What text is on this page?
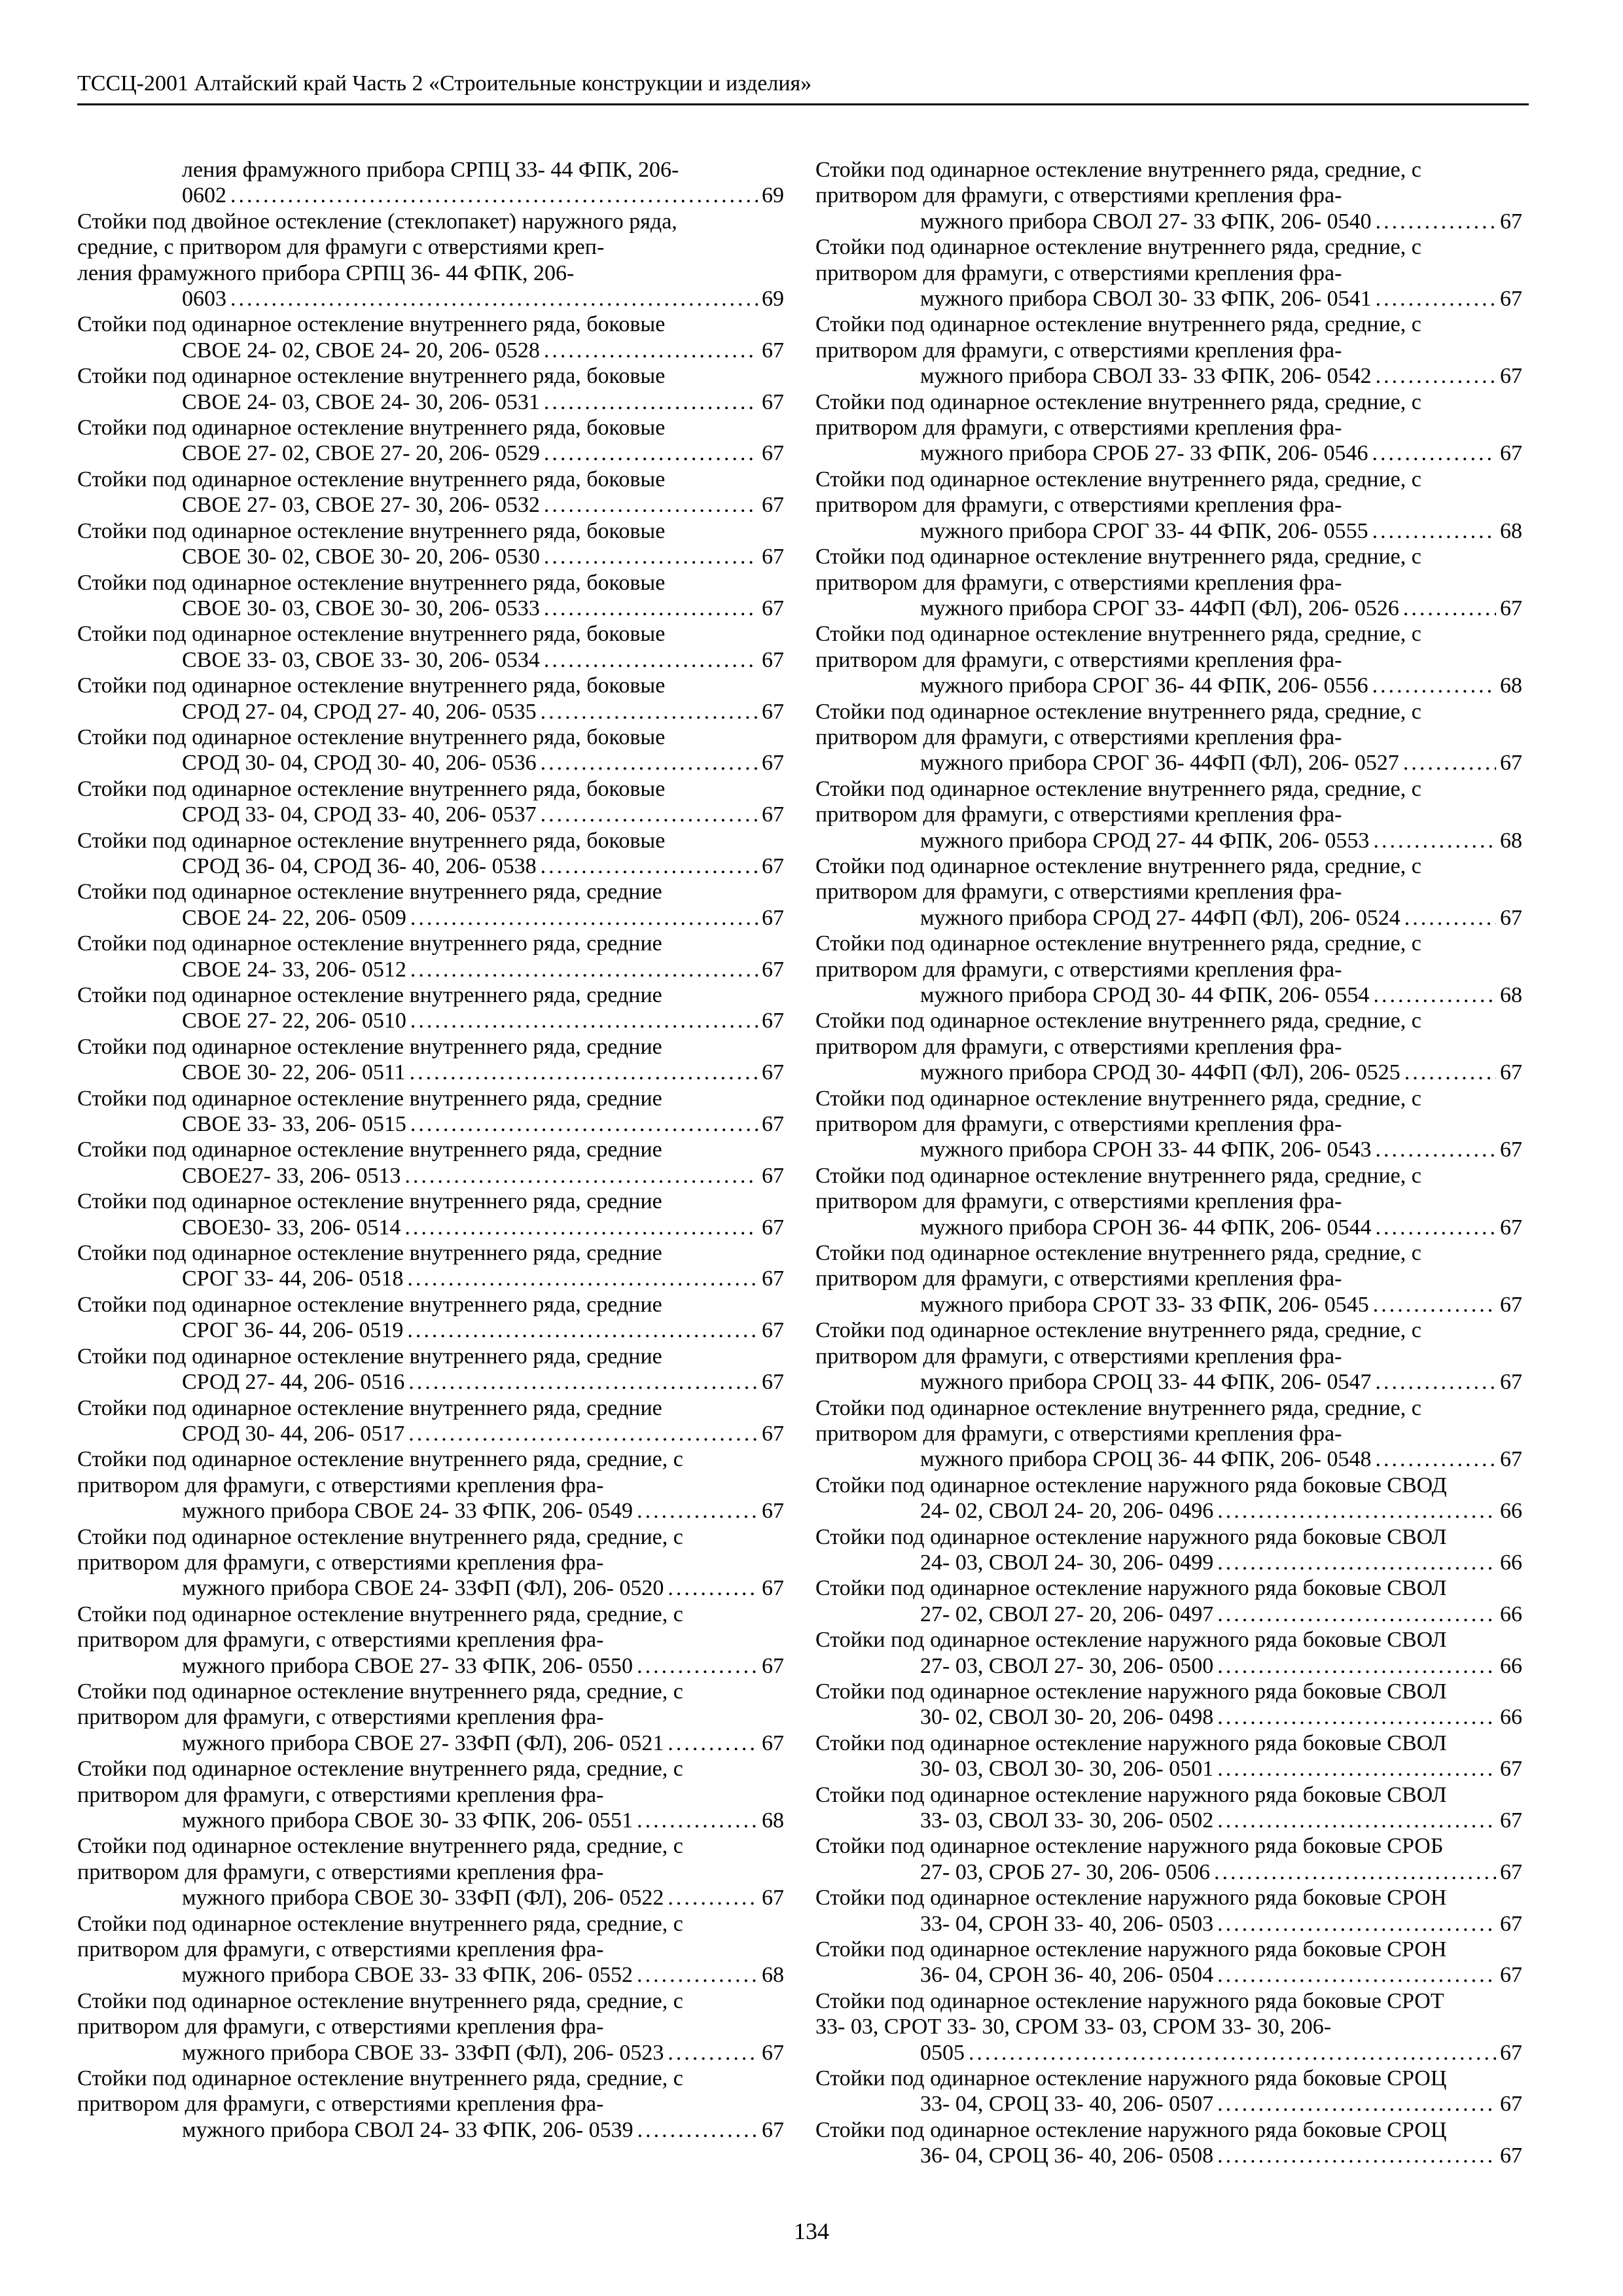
ТССЦ-2001 Алтайский край Часть 2 «Строительные конструкции и изделия»
ления фрамужного прибора СРПЦ 33- 44 ФПК, 206-
0602 .....	69
Стойки под двойное остекление (стеклопакет) наружного ряда,
средние, с притвором для фрамуги с отверстиями креп-
ления фрамужного прибора СРПЦ 36- 44 ФПК, 206-
0603 .....	69
Стойки под одинарное остекление внутреннего ряда, боковые
СВОЕ 24- 02, СВОЕ 24- 20, 206- 0528 .....	67
Стойки под одинарное остекление внутреннего ряда, боковые
СВОЕ 24- 03, СВОЕ 24- 30, 206- 0531 .....	67
Стойки под одинарное остекление внутреннего ряда, боковые
СВОЕ 27- 02, СВОЕ 27- 20, 206- 0529 .....	67
Стойки под одинарное остекление внутреннего ряда, боковые
СВОЕ 27- 03, СВОЕ 27- 30, 206- 0532 .....	67
Стойки под одинарное остекление внутреннего ряда, боковые
СВОЕ 30- 02, СВОЕ 30- 20, 206- 0530 .....	67
Стойки под одинарное остекление внутреннего ряда, боковые
СВОЕ 30- 03, СВОЕ 30- 30, 206- 0533 .....	67
Стойки под одинарное остекление внутреннего ряда, боковые
СВОЕ 33- 03, СВОЕ 33- 30, 206- 0534 .....	67
Стойки под одинарное остекление внутреннего ряда, боковые
СРОД 27- 04, СРОД 27- 40, 206- 0535 .....	67
Стойки под одинарное остекление внутреннего ряда, боковые
СРОД 30- 04, СРОД 30- 40, 206- 0536 .....	67
Стойки под одинарное остекление внутреннего ряда, боковые
СРОД 33- 04, СРОД 33- 40, 206- 0537 .....	67
Стойки под одинарное остекление внутреннего ряда, боковые
СРОД 36- 04, СРОД 36- 40, 206- 0538 .....	67
Стойки под одинарное остекление внутреннего ряда, средние
СВОЕ 24- 22, 206- 0509 .....	67
Стойки под одинарное остекление внутреннего ряда, средние
СВОЕ 24- 33, 206- 0512 .....	67
Стойки под одинарное остекление внутреннего ряда, средние
СВОЕ 27- 22, 206- 0510 .....	67
Стойки под одинарное остекление внутреннего ряда, средние
СВОЕ 30- 22, 206- 0511 .....	67
Стойки под одинарное остекление внутреннего ряда, средние
СВОЕ 33- 33, 206- 0515 .....	67
Стойки под одинарное остекление внутреннего ряда, средние
СВОЕ27- 33, 206- 0513 .....	67
Стойки под одинарное остекление внутреннего ряда, средние
СВОЕ30- 33, 206- 0514 .....	67
Стойки под одинарное остекление внутреннего ряда, средние
СРОГ 33- 44, 206- 0518 .....	67
Стойки под одинарное остекление внутреннего ряда, средние
СРОГ 36- 44, 206- 0519 .....	67
Стойки под одинарное остекление внутреннего ряда, средние
СРОД 27- 44, 206- 0516 .....	67
Стойки под одинарное остекление внутреннего ряда, средние
СРОД 30- 44, 206- 0517 .....	67
Стойки под одинарное остекление внутреннего ряда, средние, с
притвором для фрамуги, с отверстиями крепления фра-
мужного прибора СВОЕ 24- 33 ФПК, 206- 0549 .....	67
Стойки под одинарное остекление внутреннего ряда, средние, с
притвором для фрамуги, с отверстиями крепления фра-
мужного прибора СВОЕ 24- 33ФП (ФЛ), 206- 0520 .....	67
Стойки под одинарное остекление внутреннего ряда, средние, с
притвором для фрамуги, с отверстиями крепления фра-
мужного прибора СВОЕ 27- 33 ФПК, 206- 0550 .....	67
Стойки под одинарное остекление внутреннего ряда, средние, с
притвором для фрамуги, с отверстиями крепления фра-
мужного прибора СВОЕ 27- 33ФП (ФЛ), 206- 0521 .....	67
Стойки под одинарное остекление внутреннего ряда, средние, с
притвором для фрамуги, с отверстиями крепления фра-
мужного прибора СВОЕ 30- 33 ФПК, 206- 0551 .....	68
Стойки под одинарное остекление внутреннего ряда, средние, с
притвором для фрамуги, с отверстиями крепления фра-
мужного прибора СВОЕ 30- 33ФП (ФЛ), 206- 0522 .....	67
Стойки под одинарное остекление внутреннего ряда, средние, с
притвором для фрамуги, с отверстиями крепления фра-
мужного прибора СВОЕ 33- 33 ФПК, 206- 0552 .....	68
Стойки под одинарное остекление внутреннего ряда, средние, с
притвором для фрамуги, с отверстиями крепления фра-
мужного прибора СВОЕ 33- 33ФП (ФЛ), 206- 0523 .....	67
Стойки под одинарное остекление внутреннего ряда, средние, с
притвором для фрамуги, с отверстиями крепления фра-
мужного прибора СВОЛ 24- 33 ФПК, 206- 0539 .....	67
Стойки под одинарное остекление внутреннего ряда, средние, с
притвором для фрамуги, с отверстиями крепления фра-
мужного прибора СВОЛ 27- 33 ФПК, 206- 0540 .....	67
Стойки под одинарное остекление внутреннего ряда, средние, с
притвором для фрамуги, с отверстиями крепления фра-
мужного прибора СВОЛ 30- 33 ФПК, 206- 0541 .....	67
Стойки под одинарное остекление внутреннего ряда, средние, с
притвором для фрамуги, с отверстиями крепления фра-
мужного прибора СВОЛ 33- 33 ФПК, 206- 0542 .....	67
Стойки под одинарное остекление внутреннего ряда, средние, с
притвором для фрамуги, с отверстиями крепления фра-
мужного прибора СРОБ 27- 33 ФПК, 206- 0546 .....	67
Стойки под одинарное остекление внутреннего ряда, средние, с
притвором для фрамуги, с отверстиями крепления фра-
мужного прибора СРОГ 33- 44 ФПК, 206- 0555 .....	68
Стойки под одинарное остекление внутреннего ряда, средние, с
притвором для фрамуги, с отверстиями крепления фра-
мужного прибора СРОГ 33- 44ФП (ФЛ), 206- 0526 .....	67
Стойки под одинарное остекление внутреннего ряда, средние, с
притвором для фрамуги, с отверстиями крепления фра-
мужного прибора СРОГ 36- 44 ФПК, 206- 0556 .....	68
Стойки под одинарное остекление внутреннего ряда, средние, с
притвором для фрамуги, с отверстиями крепления фра-
мужного прибора СРОГ 36- 44ФП (ФЛ), 206- 0527 .....	67
Стойки под одинарное остекление внутреннего ряда, средние, с
притвором для фрамуги, с отверстиями крепления фра-
мужного прибора СРОД 27- 44 ФПК, 206- 0553 .....	68
Стойки под одинарное остекление внутреннего ряда, средние, с
притвором для фрамуги, с отверстиями крепления фра-
мужного прибора СРОД 27- 44ФП (ФЛ), 206- 0524 .....	67
Стойки под одинарное остекление внутреннего ряда, средние, с
притвором для фрамуги, с отверстиями крепления фра-
мужного прибора СРОД 30- 44 ФПК, 206- 0554 .....	68
Стойки под одинарное остекление внутреннего ряда, средние, с
притвором для фрамуги, с отверстиями крепления фра-
мужного прибора СРОД 30- 44ФП (ФЛ), 206- 0525 .....	67
Стойки под одинарное остекление внутреннего ряда, средние, с
притвором для фрамуги, с отверстиями крепления фра-
мужного прибора СРОН 33- 44 ФПК, 206- 0543 .....	67
Стойки под одинарное остекление внутреннего ряда, средние, с
притвором для фрамуги, с отверстиями крепления фра-
мужного прибора СРОН 36- 44 ФПК, 206- 0544 .....	67
Стойки под одинарное остекление внутреннего ряда, средние, с
притвором для фрамуги, с отверстиями крепления фра-
мужного прибора СРОТ 33- 33 ФПК, 206- 0545 .....	67
Стойки под одинарное остекление внутреннего ряда, средние, с
притвором для фрамуги, с отверстиями крепления фра-
мужного прибора СРОЦ 33- 44 ФПК, 206- 0547 .....	67
Стойки под одинарное остекление внутреннего ряда, средние, с
притвором для фрамуги, с отверстиями крепления фра-
мужного прибора СРОЦ 36- 44 ФПК, 206- 0548 .....	67
Стойки под одинарное остекление наружного ряда боковые СВОД
24- 02, СВОЛ 24- 20, 206- 0496 .....	66
Стойки под одинарное остекление наружного ряда боковые СВОЛ
24- 03, СВОЛ 24- 30, 206- 0499 .....	66
Стойки под одинарное остекление наружного ряда боковые СВОЛ
27- 02, СВОЛ 27- 20, 206- 0497 .....	66
Стойки под одинарное остекление наружного ряда боковые СВОЛ
27- 03, СВОЛ 27- 30, 206- 0500 .....	66
Стойки под одинарное остекление наружного ряда боковые СВОЛ
30- 02, СВОЛ 30- 20, 206- 0498 .....	66
Стойки под одинарное остекление наружного ряда боковые СВОЛ
30- 03, СВОЛ 30- 30, 206- 0501 .....	67
Стойки под одинарное остекление наружного ряда боковые СВОЛ
33- 03, СВОЛ 33- 30, 206- 0502 .....	67
Стойки под одинарное остекление наружного ряда боковые СРОБ
27- 03, СРОБ 27- 30, 206- 0506 .....	67
Стойки под одинарное остекление наружного ряда боковые СРОН
33- 04, СРОН 33- 40, 206- 0503 .....	67
Стойки под одинарное остекление наружного ряда боковые СРОН
36- 04, СРОН 36- 40, 206- 0504 .....	67
Стойки под одинарное остекление наружного ряда боковые СРОТ
33- 03, СРОТ 33- 30, СРОМ 33- 03, СРОМ 33- 30, 206-
0505 .....	67
Стойки под одинарное остекление наружного ряда боковые СРОЦ
33- 04, СРОЦ 33- 40, 206- 0507 .....	67
Стойки под одинарное остекление наружного ряда боковые СРОЦ
36- 04, СРОЦ 36- 40, 206- 0508 .....	67
134
